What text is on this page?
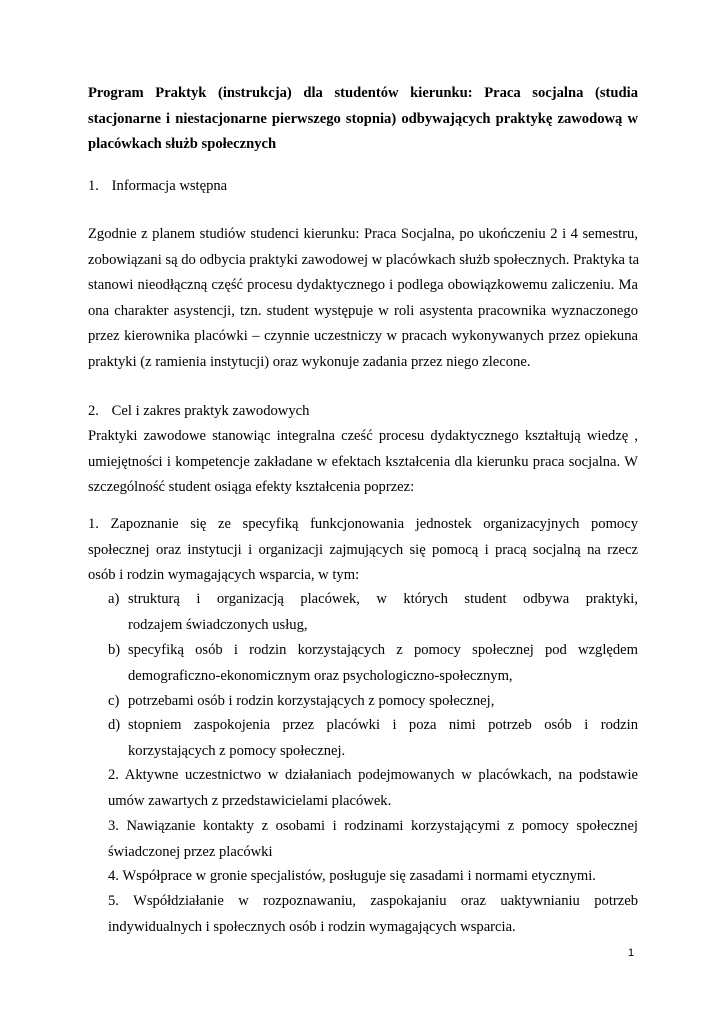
Program Praktyk (instrukcja) dla studentów kierunku: Praca socjalna (studia
stacjonarne i niestacjonarne pierwszego stopnia) odbywających praktykę zawodową w
placówkach służb społecznych
1. Informacja wstępna
Zgodnie z planem studiów studenci kierunku: Praca Socjalna, po ukończeniu 2 i 4 semestru,
zobowiązani są do odbycia praktyki zawodowej w placówkach służb społecznych. Praktyka ta
stanowi nieodłączną część procesu dydaktycznego i podlega obowiązkowemu zaliczeniu. Ma
ona charakter asystencji, tzn. student występuje w roli asystenta pracownika wyznaczonego
przez kierownika placówki – czynnie uczestniczy w pracach wykonywanych przez opiekuna
praktyki (z ramienia instytucji) oraz wykonuje zadania przez niego zlecone.
2. Cel i zakres praktyk zawodowych
Praktyki zawodowe stanowiąc integralna cześć procesu dydaktycznego kształtują wiedzę ,
umiejętności i kompetencje zakładane w efektach kształcenia dla kierunku praca socjalna. W
szczególność student osiąga efekty kształcenia poprzez:
1. Zapoznanie się ze specyfiką funkcjonowania jednostek organizacyjnych pomocy
społecznej oraz instytucji i organizacji zajmujących się pomocą i pracą socjalną na rzecz
osób i rodzin wymagających wsparcia, w tym:
a) strukturą i organizacją placówek, w których student odbywa praktyki,
rodzajem świadczonych usług,
b) specyfiką osób i rodzin korzystających z pomocy społecznej pod względem
demograficzno-ekonomicznym oraz psychologiczno-społecznym,
c) potrzebami osób i rodzin korzystających z pomocy społecznej,
d) stopniem zaspokojenia przez placówki i poza nimi potrzeb osób i rodzin
korzystających z pomocy społecznej.
2. Aktywne uczestnictwo w działaniach podejmowanych w placówkach, na podstawie
umów zawartych z przedstawicielami placówek.
3. Nawiązanie kontakty z osobami i rodzinami korzystającymi z pomocy społecznej
świadczonej przez placówki
4. Współprace w gronie specjalistów, posługuje się zasadami i normami etycznymi.
5. Współdziałanie w rozpoznawaniu, zaspokajaniu oraz uaktywnianiu potrzeb
indywidualnych i społecznych osób i rodzin wymagających wsparcia.
1
